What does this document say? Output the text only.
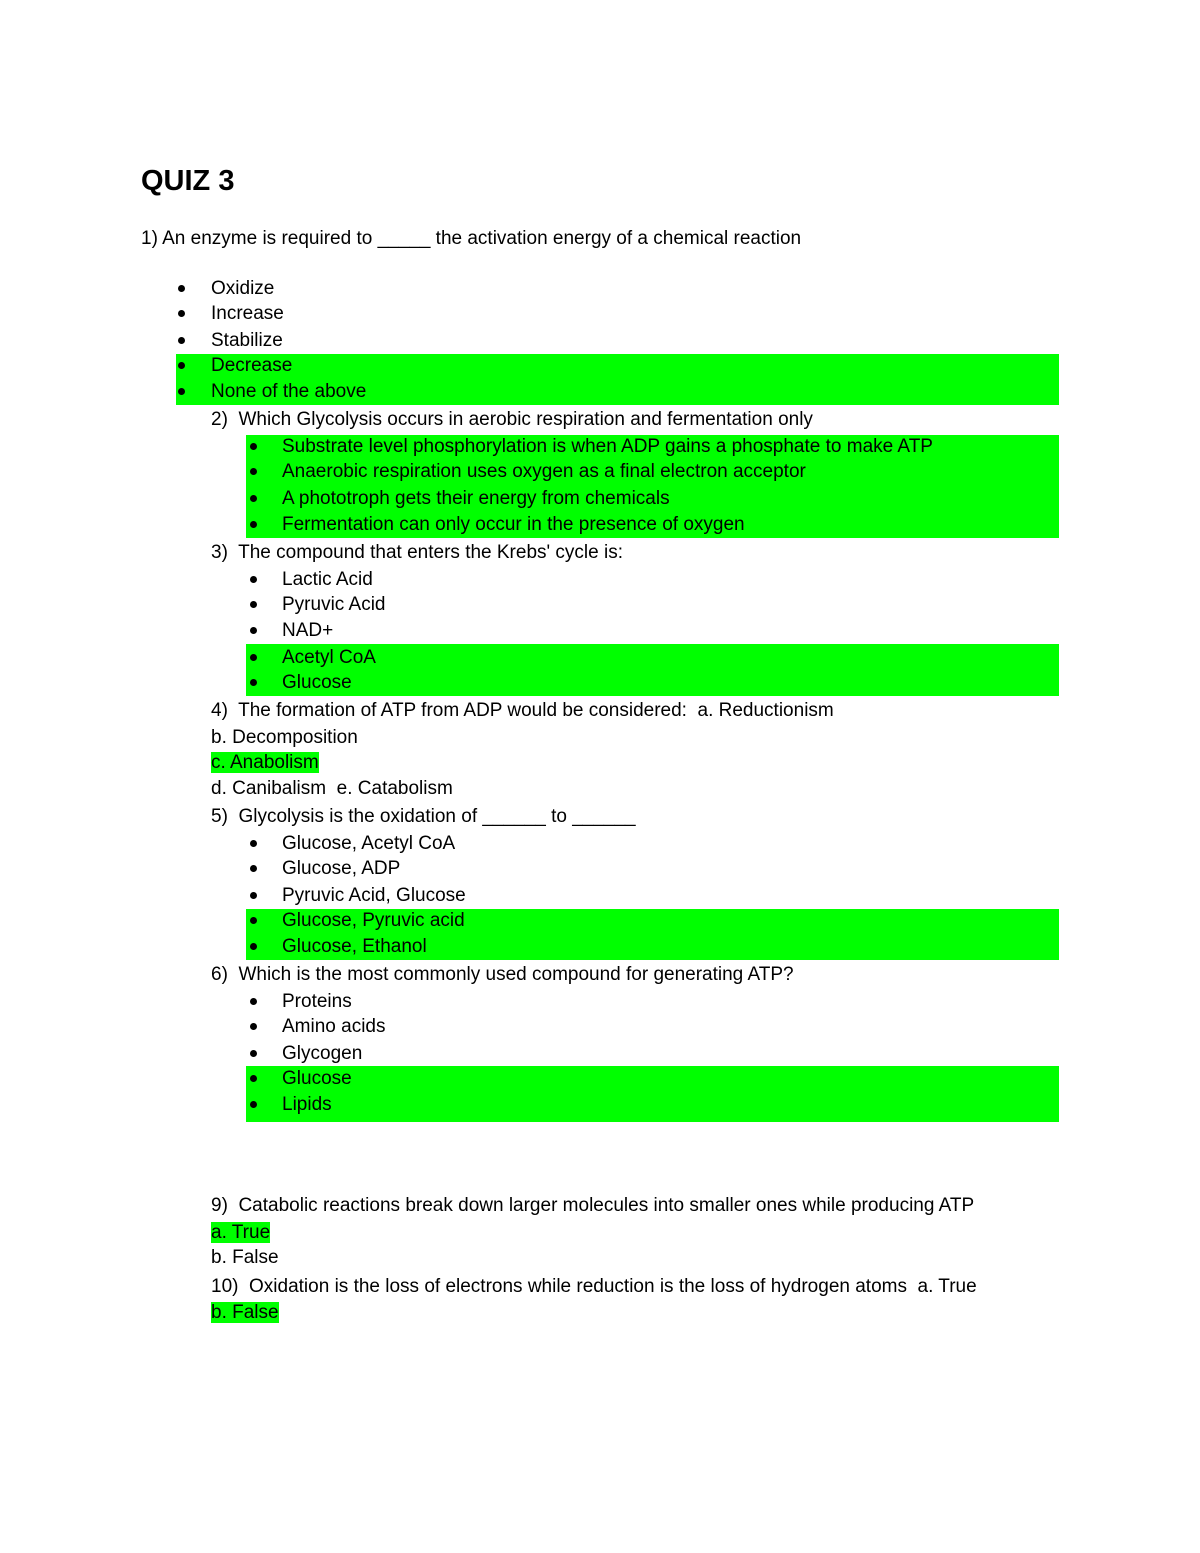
QUIZ 3
1) An enzyme is required to _____ the activation energy of a chemical reaction
Oxidize
Increase
Stabilize
Decrease
None of the above
2)  Which Glycolysis occurs in aerobic respiration and fermentation only
Substrate level phosphorylation is when ADP gains a phosphate to make ATP
Anaerobic respiration uses oxygen as a final electron acceptor
A phototroph gets their energy from chemicals
Fermentation can only occur in the presence of oxygen
3)  The compound that enters the Krebs' cycle is:
Lactic Acid
Pyruvic Acid
NAD+
Acetyl CoA
Glucose
4)  The formation of ATP from ADP would be considered:  a. Reductionism
b. Decomposition
c. Anabolism
d. Canibalism  e. Catabolism
5)  Glycolysis is the oxidation of ______ to ______
Glucose, Acetyl CoA
Glucose, ADP
Pyruvic Acid, Glucose
Glucose, Pyruvic acid
Glucose, Ethanol
6)  Which is the most commonly used compound for generating ATP?
Proteins
Amino acids
Glycogen
Glucose
Lipids
9)  Catabolic reactions break down larger molecules into smaller ones while producing ATP
a. True
b. False
10)  Oxidation is the loss of electrons while reduction is the loss of hydrogen atoms  a. True
b. False
